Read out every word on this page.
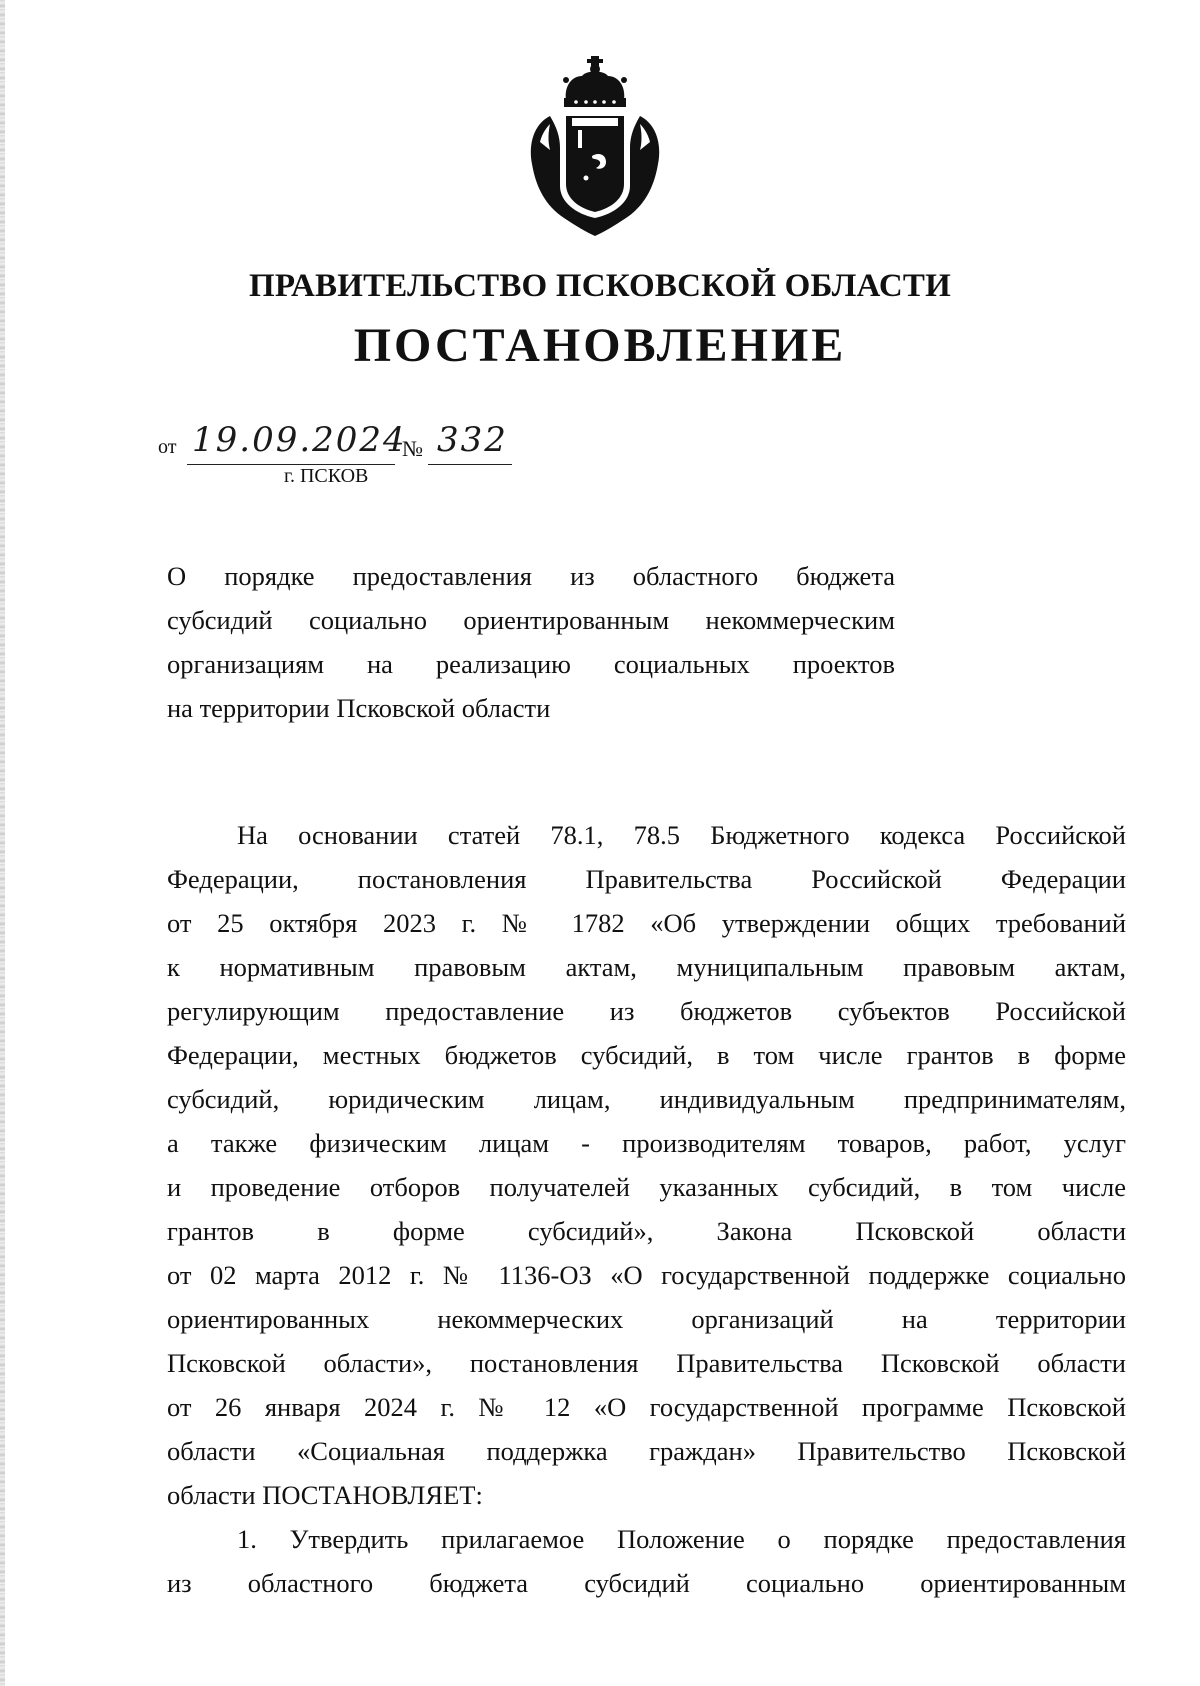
ПРАВИТЕЛЬСТВО ПСКОВСКОЙ ОБЛАСТИ
ПОСТАНОВЛЕНИЕ
от 19.09.2024
№ 332
г. ПСКОВ
О порядке предоставления из областного бюджета
субсидий социально ориентированным некоммерческим
организациям на реализацию социальных проектов
на территории Псковской области
На основании статей 78.1, 78.5 Бюджетного кодекса Российской
Федерации, постановления Правительства Российской Федерации
от 25 октября 2023 г. № 1782 «Об утверждении общих требований
к нормативным правовым актам, муниципальным правовым актам,
регулирующим предоставление из бюджетов субъектов Российской
Федерации, местных бюджетов субсидий, в том числе грантов в форме
субсидий, юридическим лицам, индивидуальным предпринимателям,
а также физическим лицам - производителям товаров, работ, услуг
и проведение отборов получателей указанных субсидий, в том числе
грантов в форме субсидий», Закона Псковской области
от 02 марта 2012 г. № 1136-ОЗ «О государственной поддержке социально
ориентированных некоммерческих организаций на территории
Псковской области», постановления Правительства Псковской области
от 26 января 2024 г. № 12 «О государственной программе Псковской
области «Социальная поддержка граждан» Правительство Псковской
области ПОСТАНОВЛЯЕТ:
1. Утвердить прилагаемое Положение о порядке предоставления
из областного бюджета субсидий социально ориентированным
